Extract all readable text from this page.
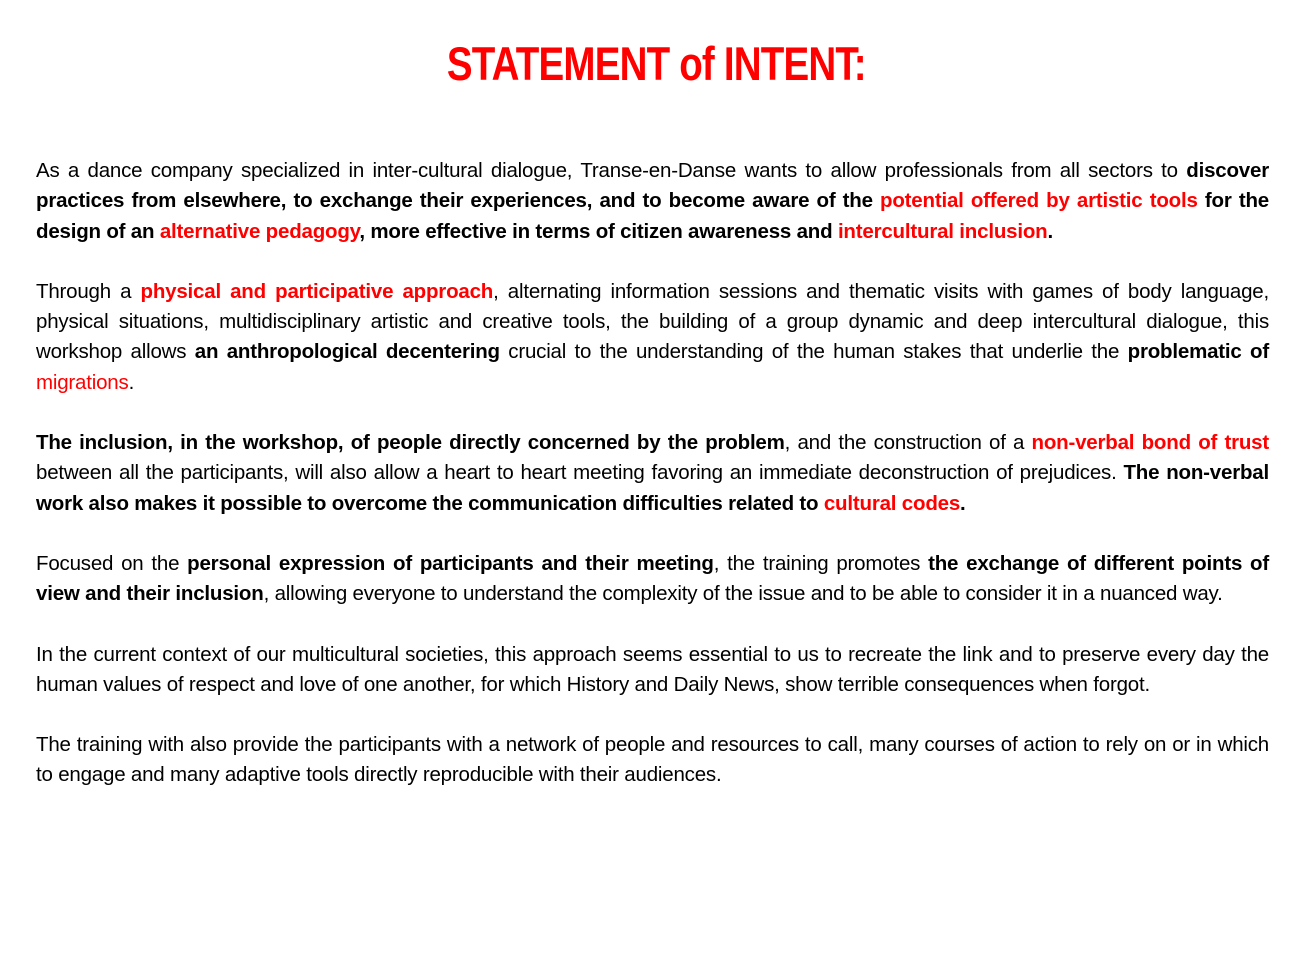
STATEMENT of INTENT:

As a dance company specialized in inter-cultural dialogue, Transe-en-Danse wants to allow professionals from all sectors to discover practices from elsewhere, to exchange their experiences, and to become aware of the potential offered by artistic tools for the design of an alternative pedagogy, more effective in terms of citizen awareness and intercultural inclusion.

Through a physical and participative approach, alternating information sessions and thematic visits with games of body language, physical situations, multidisciplinary artistic and creative tools, the building of a group dynamic and deep intercultural dialogue, this workshop allows an anthropological decentering crucial to the understanding of the human stakes that underlie the problematic of migrations.

The inclusion, in the workshop, of people directly concerned by the problem, and the construction of a non-verbal bond of trust between all the participants, will also allow a heart to heart meeting favoring an immediate deconstruction of prejudices. The non-verbal work also makes it possible to overcome the communication difficulties related to cultural codes.

Focused on the personal expression of participants and their meeting, the training promotes the exchange of different points of view and their inclusion, allowing everyone to understand the complexity of the issue and to be able to consider it in a nuanced way.

In the current context of our multicultural societies, this approach seems essential to us to recreate the link and to preserve every day the human values of respect and love of one another, for which History and Daily News, show terrible consequences when forgot.

The training with also provide the participants with a network of people and resources to call, many courses of action to rely on or in which to engage and many adaptive tools directly reproducible with their audiences.
